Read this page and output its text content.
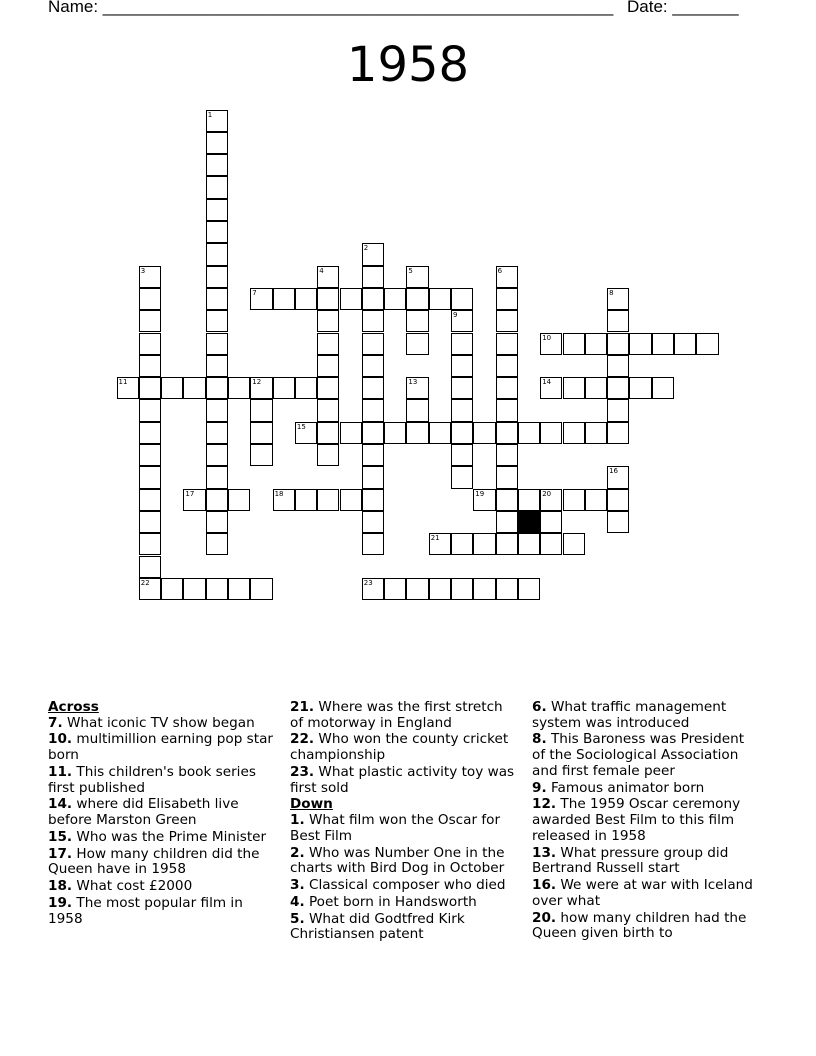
Name: ______________________________________________________ Date: _______
1958
1
2
3
22
4	5	6
7	8
9
10
11	12	13	14
15
16
17	18	19	20
21
23
Across
7. What iconic TV show began
10. multimillion earning pop star born
11. This children's book series first published
14. where did Elisabeth live before Marston Green
15. Who was the Prime Minister
17. How many children did the Queen have in 1958
18. What cost £2000
19. The most popular film in 1958
21. Where was the first stretch of motorway in England
22. Who won the county cricket championship
23. What plastic activity toy was first sold
Down
1. What film won the Oscar for Best Film
2. Who was Number One in the charts with Bird Dog in October
3. Classical composer who died
4. Poet born in Handsworth
5. What did Godtfred Kirk Christiansen patent
6. What traffic management system was introduced
8. This Baroness was President of the Sociological Association and first female peer
9. Famous animator born
12. The 1959 Oscar ceremony awarded Best Film to this film released in 1958
13. What pressure group did Bertrand Russell start
16. We were at war with Iceland over what
20. how many children had the Queen given birth to
